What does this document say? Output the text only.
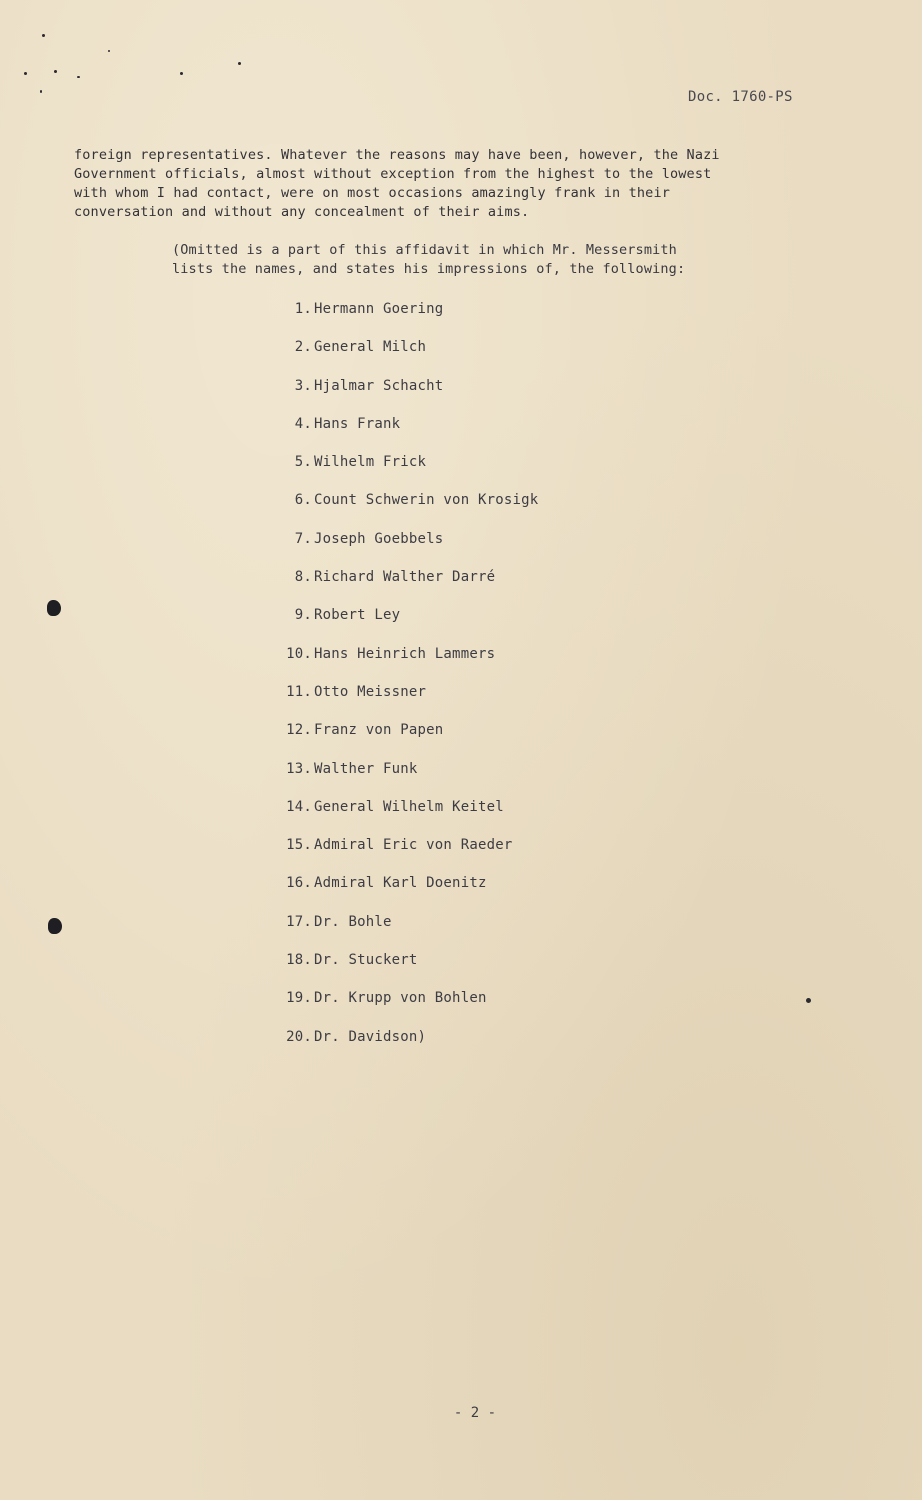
Doc. 1760-PS
foreign representatives. Whatever the reasons may have been, however, the Nazi
Government officials, almost without exception from the highest to the lowest
with whom I had contact, were on most occasions amazingly frank in their
conversation and without any concealment of their aims.
(Omitted is a part of this affidavit in which Mr. Messersmith
lists the names, and states his impressions of, the following:
1. Hermann Goering
2. General Milch
3. Hjalmar Schacht
4. Hans Frank
5. Wilhelm Frick
6. Count Schwerin von Krosigk
7. Joseph Goebbels
8. Richard Walther Darré
9. Robert Ley
10. Hans Heinrich Lammers
11. Otto Meissner
12. Franz von Papen
13. Walther Funk
14. General Wilhelm Keitel
15. Admiral Eric von Raeder
16. Admiral Karl Doenitz
17. Dr. Bohle
18. Dr. Stuckert
19. Dr. Krupp von Bohlen
20. Dr. Davidson)
- 2 -
